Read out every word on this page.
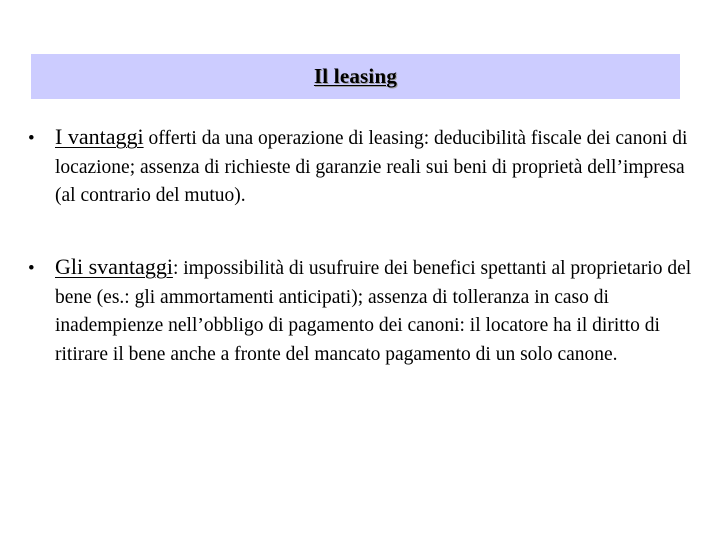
Il leasing
• I vantaggi offerti da una operazione di leasing: deducibilità fiscale dei canoni di locazione; assenza di richieste di garanzie reali sui beni di proprietà dell’impresa (al contrario del mutuo).
• Gli svantaggi: impossibilità di usufruire dei benefici spettanti al proprietario del bene (es.: gli ammortamenti anticipati); assenza di tolleranza in caso di inadempienze nell’obbligo di pagamento dei canoni: il locatore ha il diritto di ritirare il bene anche a fronte del mancato pagamento di un solo canone.
